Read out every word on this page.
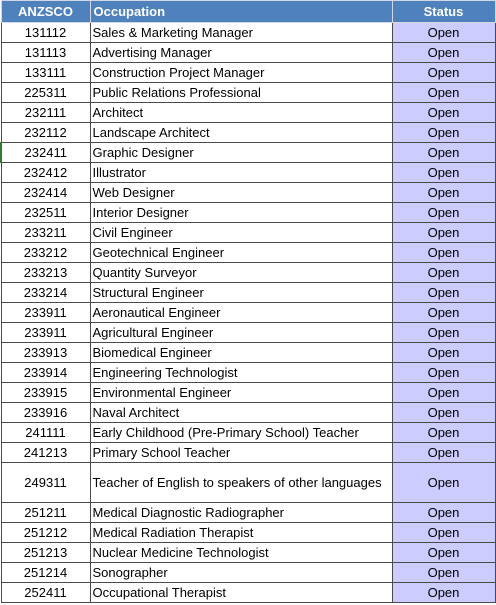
ANZSCO	Occupation	Status
131112	Sales & Marketing Manager	Open
131113	Advertising Manager	Open
133111	Construction Project Manager	Open
225311	Public Relations Professional	Open
232111	Architect	Open
232112	Landscape Architect	Open
232411	Graphic Designer	Open
232412	Illustrator	Open
232414	Web Designer	Open
232511	Interior Designer	Open
233211	Civil Engineer	Open
233212	Geotechnical Engineer	Open
233213	Quantity Surveyor	Open
233214	Structural Engineer	Open
233911	Aeronautical Engineer	Open
233911	Agricultural Engineer	Open
233913	Biomedical Engineer	Open
233914	Engineering Technologist	Open
233915	Environmental Engineer	Open
233916	Naval Architect	Open
241111	Early Childhood (Pre-Primary School) Teacher	Open
241213	Primary School Teacher	Open
249311	Teacher of English to speakers of other languages	Open
251211	Medical Diagnostic Radiographer	Open
251212	Medical Radiation Therapist	Open
251213	Nuclear Medicine Technologist	Open
251214	Sonographer	Open
252411	Occupational Therapist	Open
